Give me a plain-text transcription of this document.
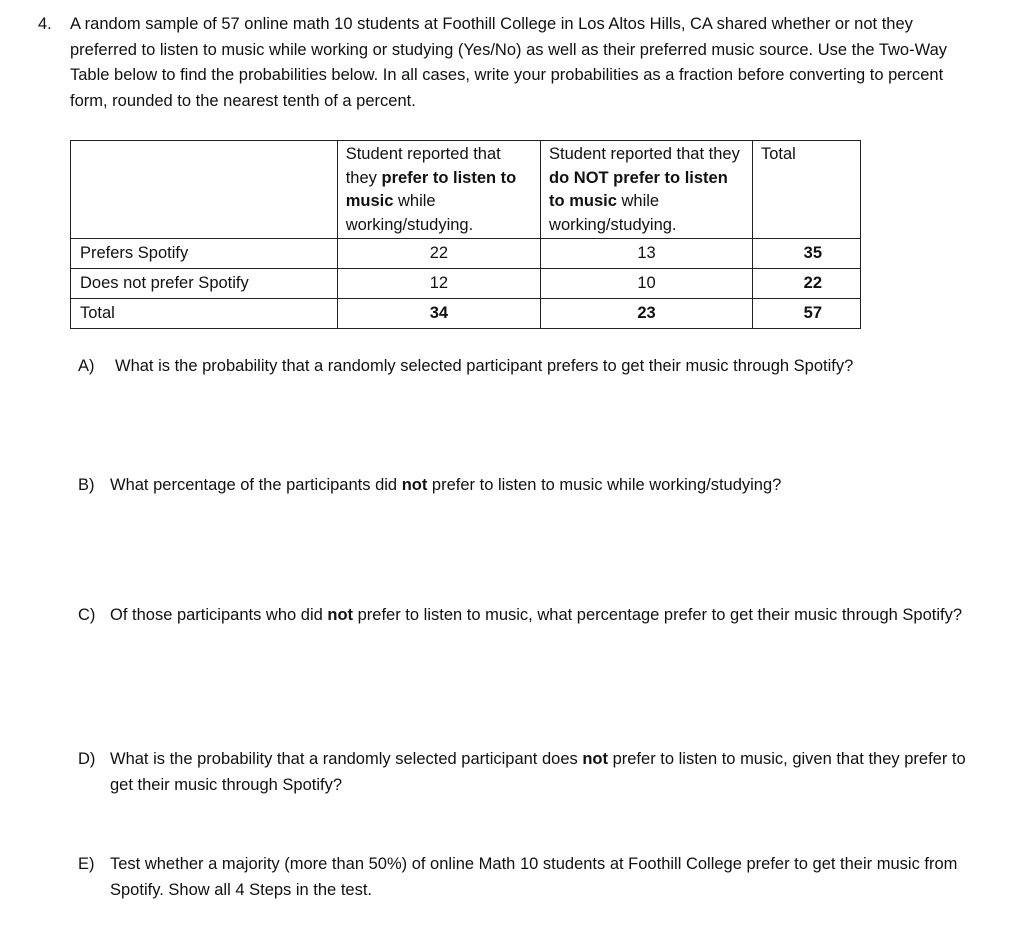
4. A random sample of 57 online math 10 students at Foothill College in Los Altos Hills, CA shared whether or not they preferred to listen to music while working or studying (Yes/No) as well as their preferred music source. Use the Two-Way Table below to find the probabilities below. In all cases, write your probabilities as a fraction before converting to percent form, rounded to the nearest tenth of a percent.
	Student reported that they prefer to listen to music while working/studying.	Student reported that they do NOT prefer to listen to music while working/studying.	Total
Prefers Spotify	22	13	35
Does not prefer Spotify	12	10	22
Total	34	23	57
A) What is the probability that a randomly selected participant prefers to get their music through Spotify?
B) What percentage of the participants did not prefer to listen to music while working/studying?
C) Of those participants who did not prefer to listen to music, what percentage prefer to get their music through Spotify?
D) What is the probability that a randomly selected participant does not prefer to listen to music, given that they prefer to get their music through Spotify?
E) Test whether a majority (more than 50%) of online Math 10 students at Foothill College prefer to get their music from Spotify. Show all 4 Steps in the test.
